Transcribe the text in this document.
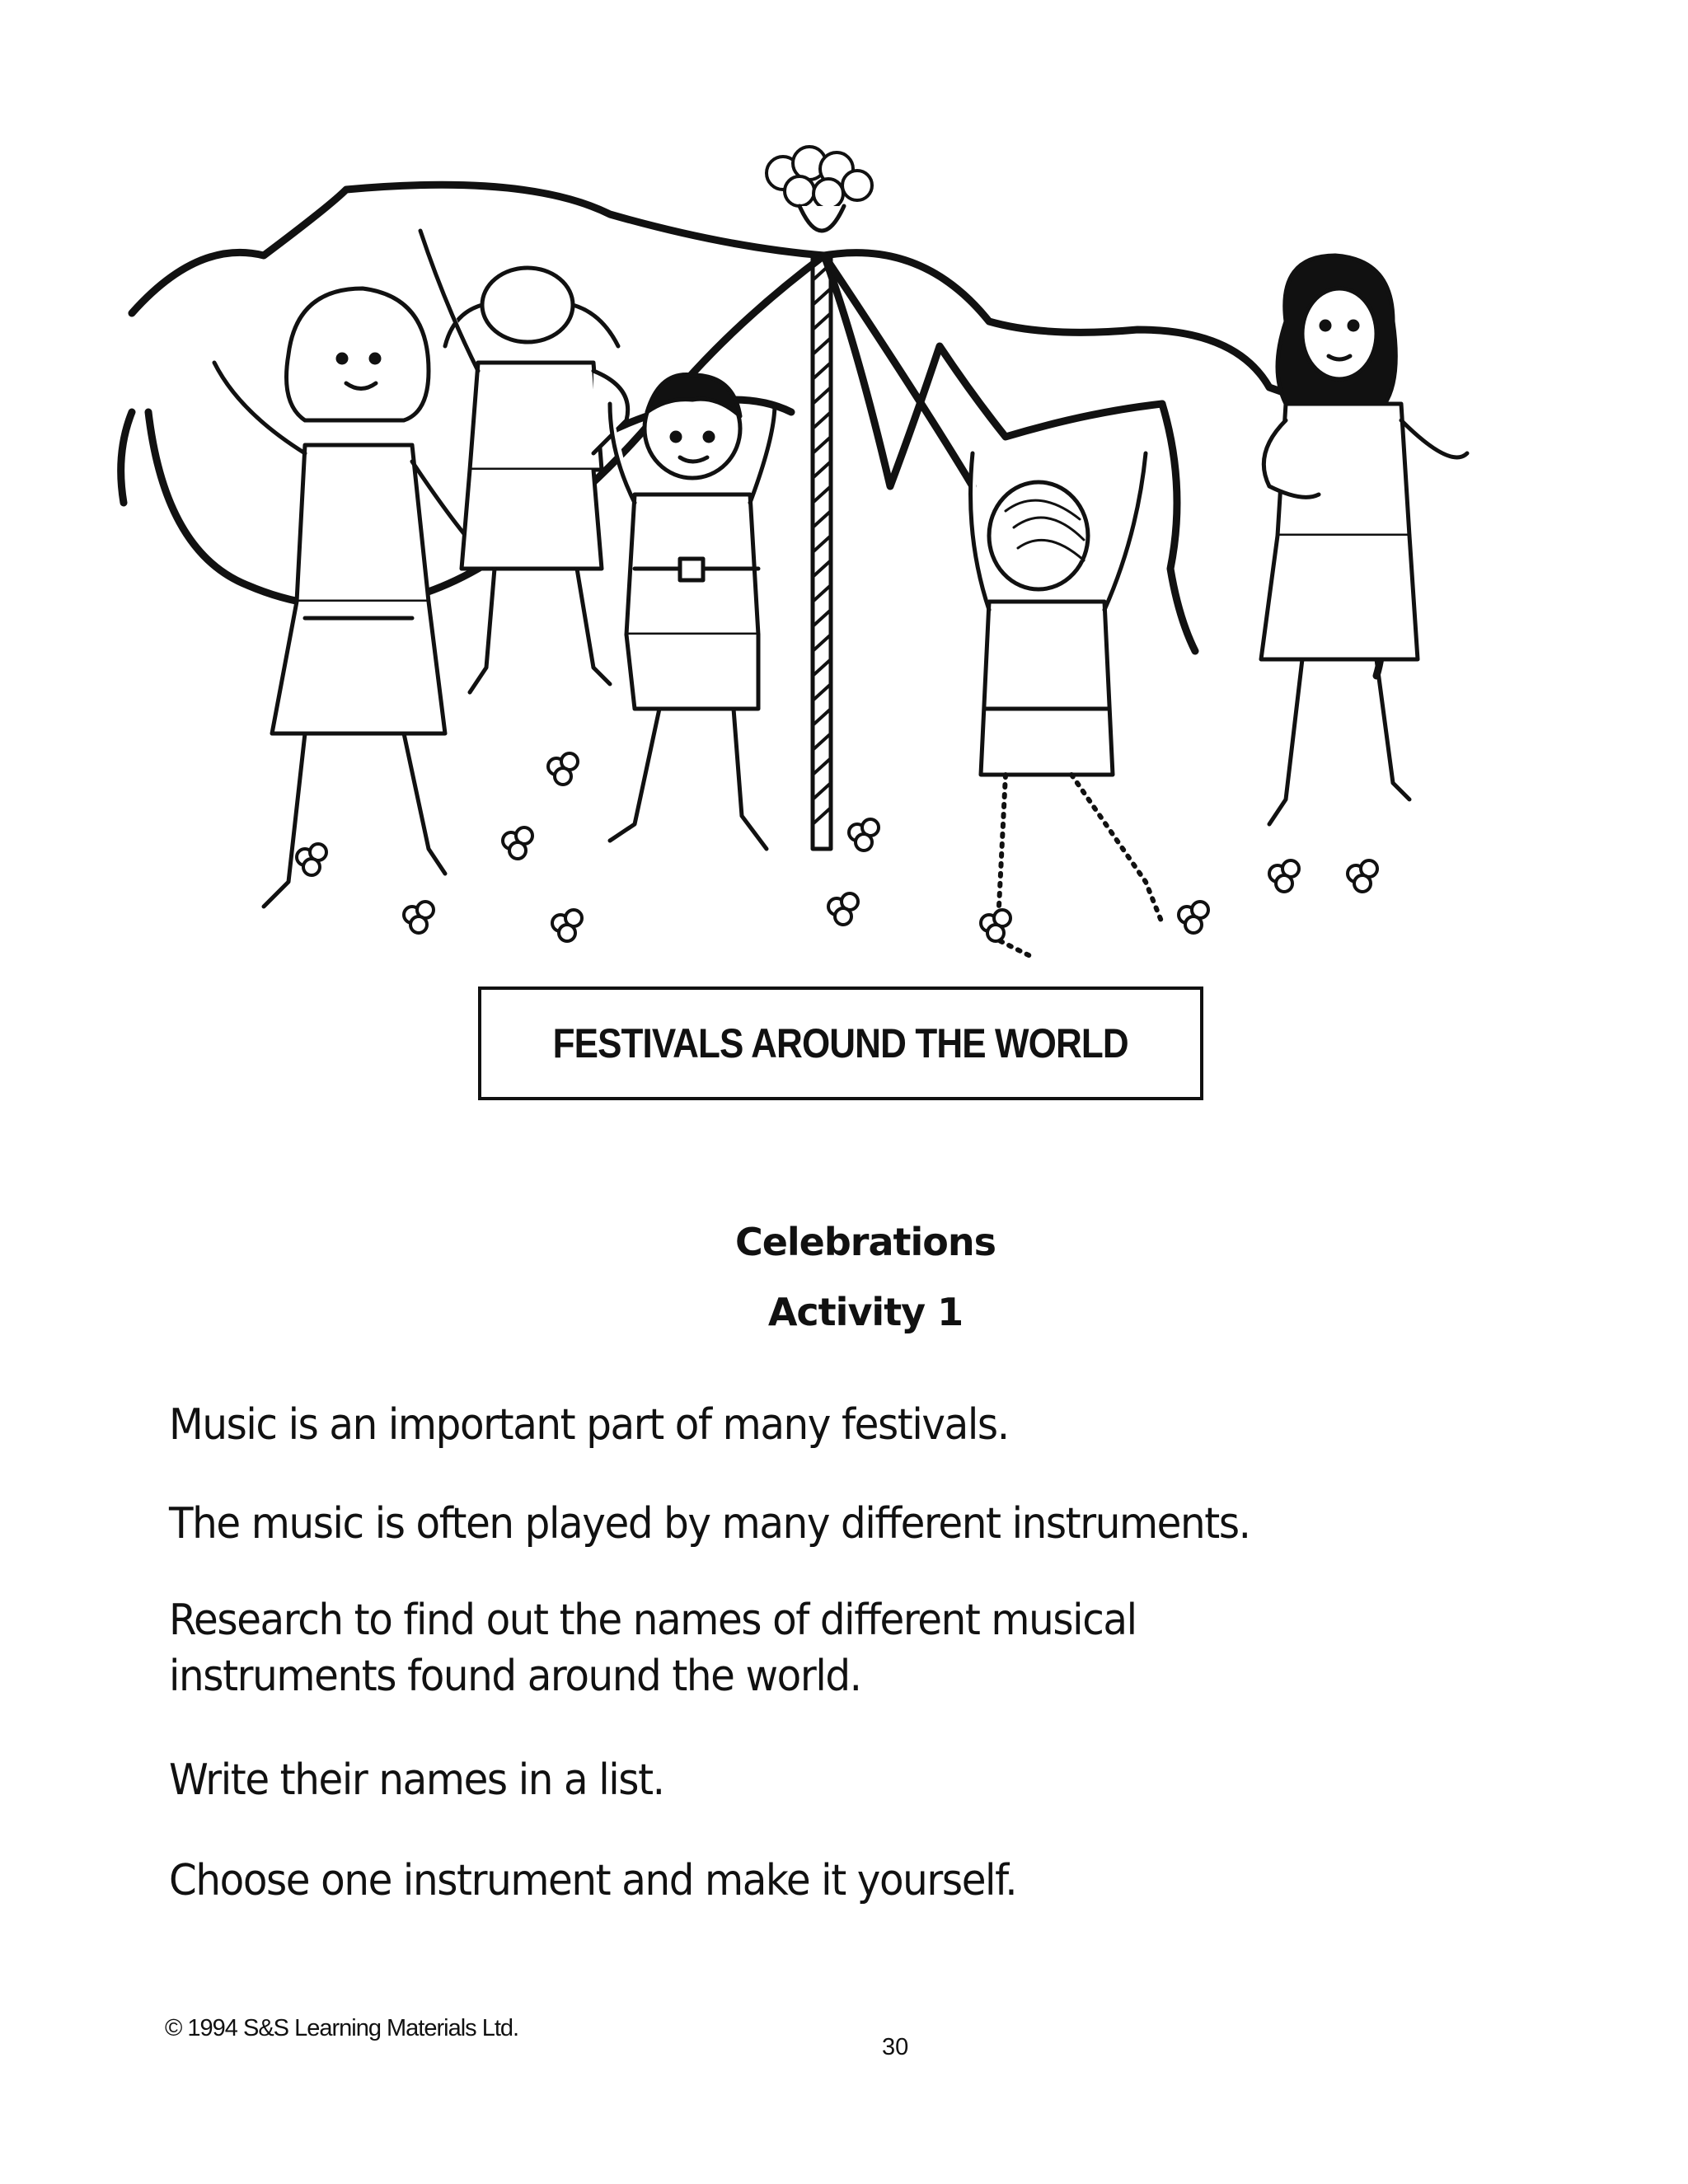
FESTIVALS AROUND THE WORLD
Celebrations
Activity 1
Music is an important part of many festivals.
The music is often played by many different instruments.
Research to find out the names of different musical instruments found around the world.
Write their names in a list.
Choose one instrument and make it yourself.
© 1994 S&S Learning Materials Ltd.
30
